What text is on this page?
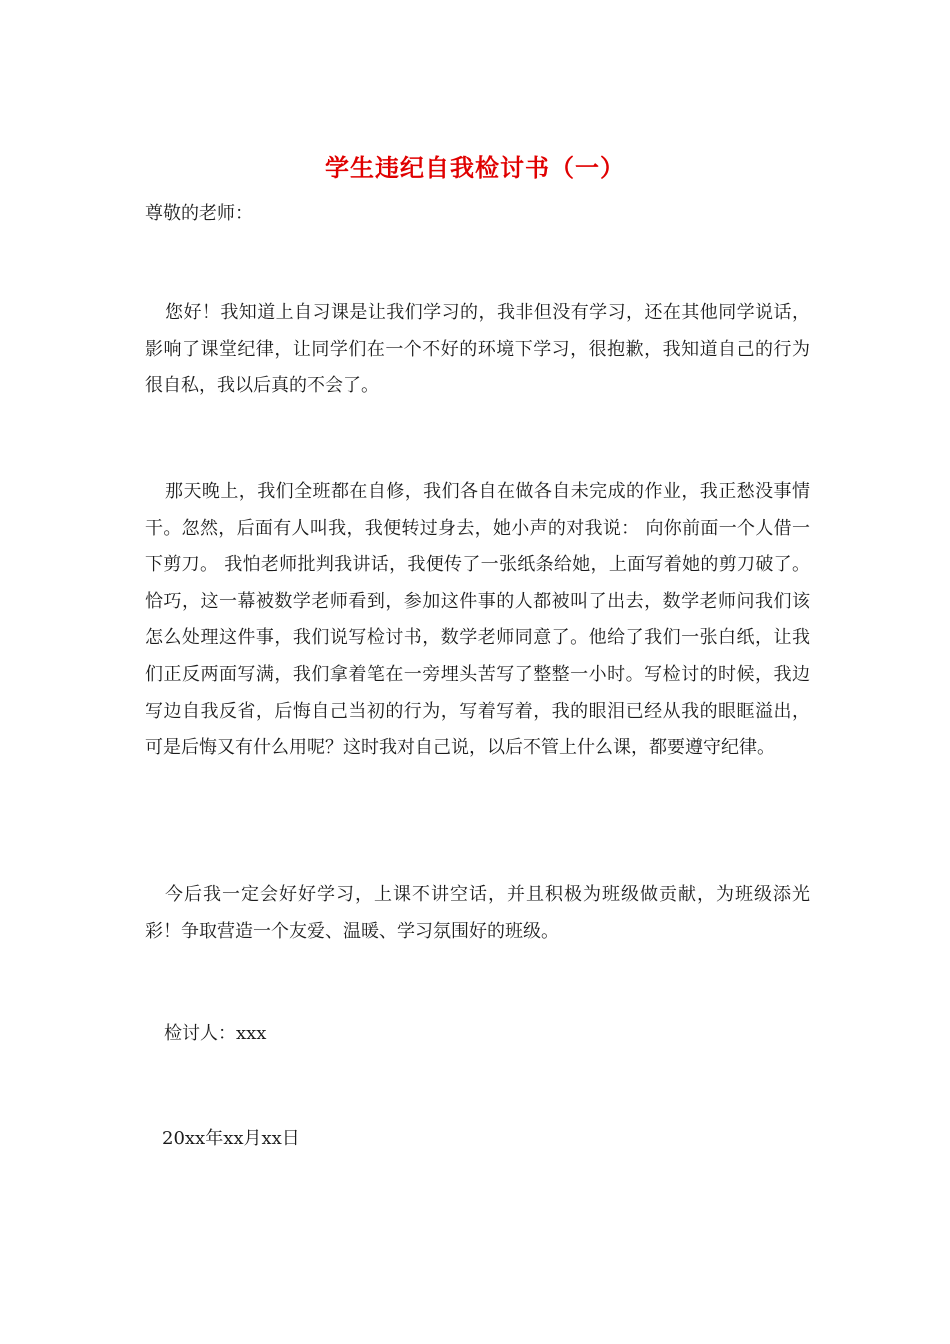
学生违纪自我检讨书（一）
尊敬的老师：

您好！我知道上自习课是让我们学习的，我非但没有学习，还在其他同学说话，影响了课堂纪律，让同学们在一个不好的环境下学习，很抱歉，我知道自己的行为很自私，我以后真的不会了。

那天晚上，我们全班都在自修，我们各自在做各自未完成的作业，我正愁没事情干。忽然，后面有人叫我，我便转过身去，她小声的对我说： 向你前面一个人借一下剪刀。 我怕老师批判我讲话，我便传了一张纸条给她，上面写着她的剪刀破了。恰巧，这一幕被数学老师看到，参加这件事的人都被叫了出去，数学老师问我们该怎么处理这件事，我们说写检讨书，数学老师同意了。他给了我们一张白纸，让我们正反两面写满，我们拿着笔在一旁埋头苦写了整整一小时。写检讨的时候，我边写边自我反省，后悔自己当初的行为，写着写着，我的眼泪已经从我的眼眶溢出，可是后悔又有什么用呢？这时我对自己说，以后不管上什么课，都要遵守纪律。

今后我一定会好好学习，上课不讲空话，并且积极为班级做贡献，为班级添光彩！争取营造一个友爱、温暖、学习氛围好的班级。

检讨人：xxx
20xx年xx月xx日
